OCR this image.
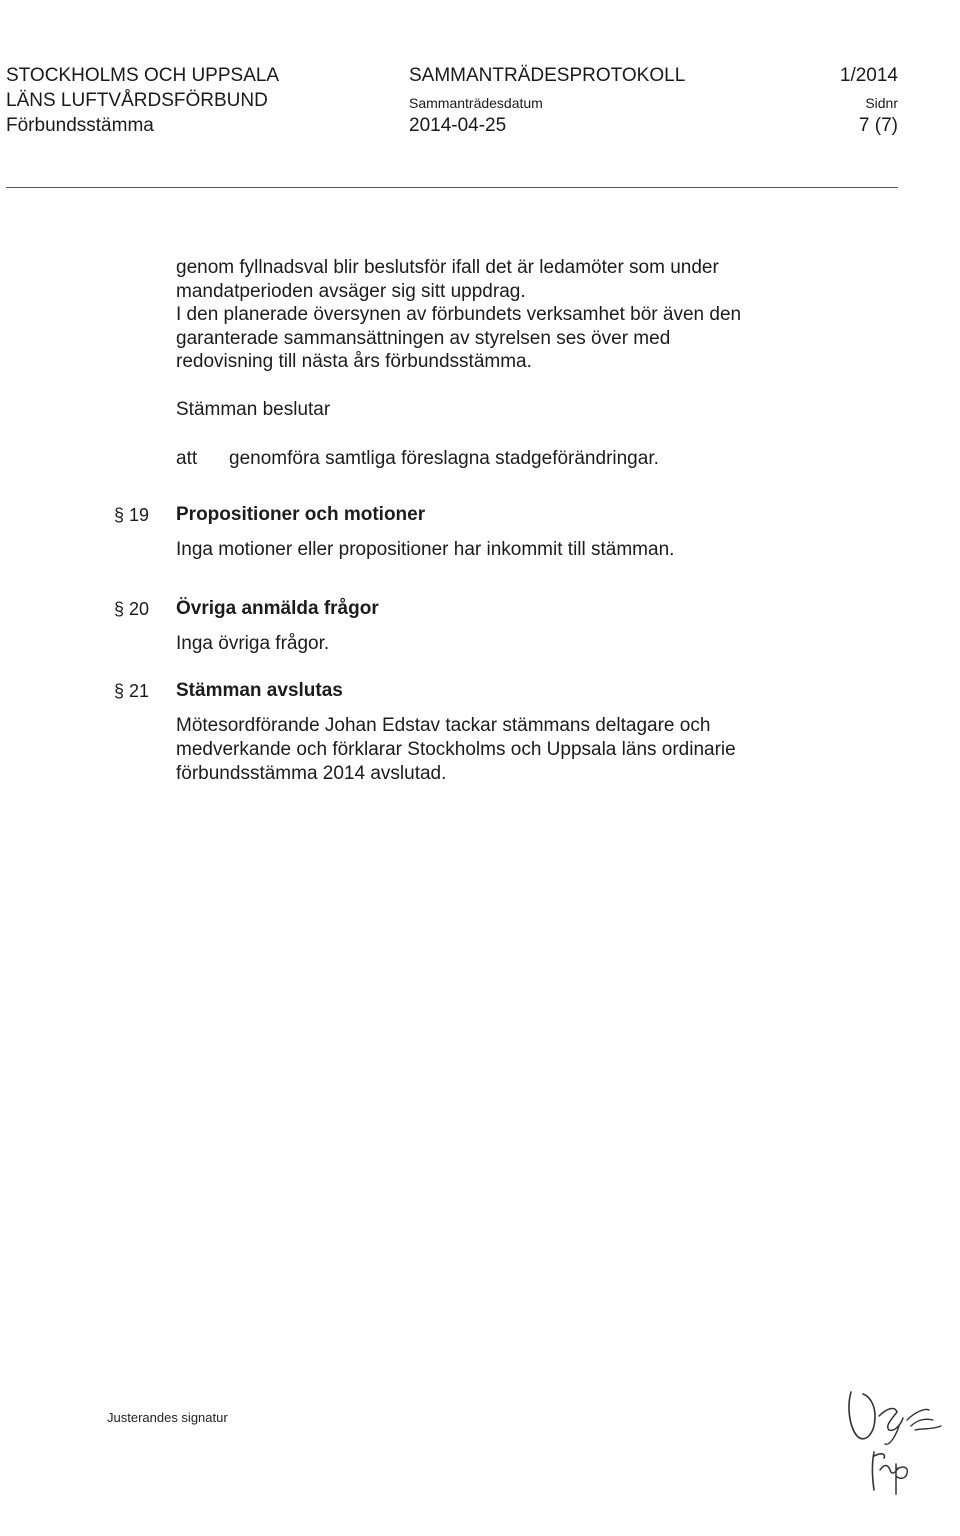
STOCKHOLMS OCH UPPSALA
LÄNS LUFTVÅRDSFÖRBUND
Förbundsstämma
SAMMANTRÄDESPROTOKOLL
Sammanträdesdatum
2014-04-25
1/2014
Sidnr
7 (7)
genom fyllnadsval blir beslutsför ifall det är ledamöter som under
mandatperioden avsäger sig sitt uppdrag.
I den planerade översynen av förbundets verksamhet bör även den
garanterade sammansättningen av styrelsen ses över med
redovisning till nästa års förbundsstämma.
Stämman beslutar
att genomföra samtliga föreslagna stadgeförändringar.
§ 19 Propositioner och motioner
Inga motioner eller propositioner har inkommit till stämman.
§ 20 Övriga anmälda frågor
Inga övriga frågor.
§ 21 Stämman avslutas
Mötesordförande Johan Edstav tackar stämmans deltagare och
medverkande och förklarar Stockholms och Uppsala läns ordinarie
förbundsstämma 2014 avslutad.
Justerandes signatur
